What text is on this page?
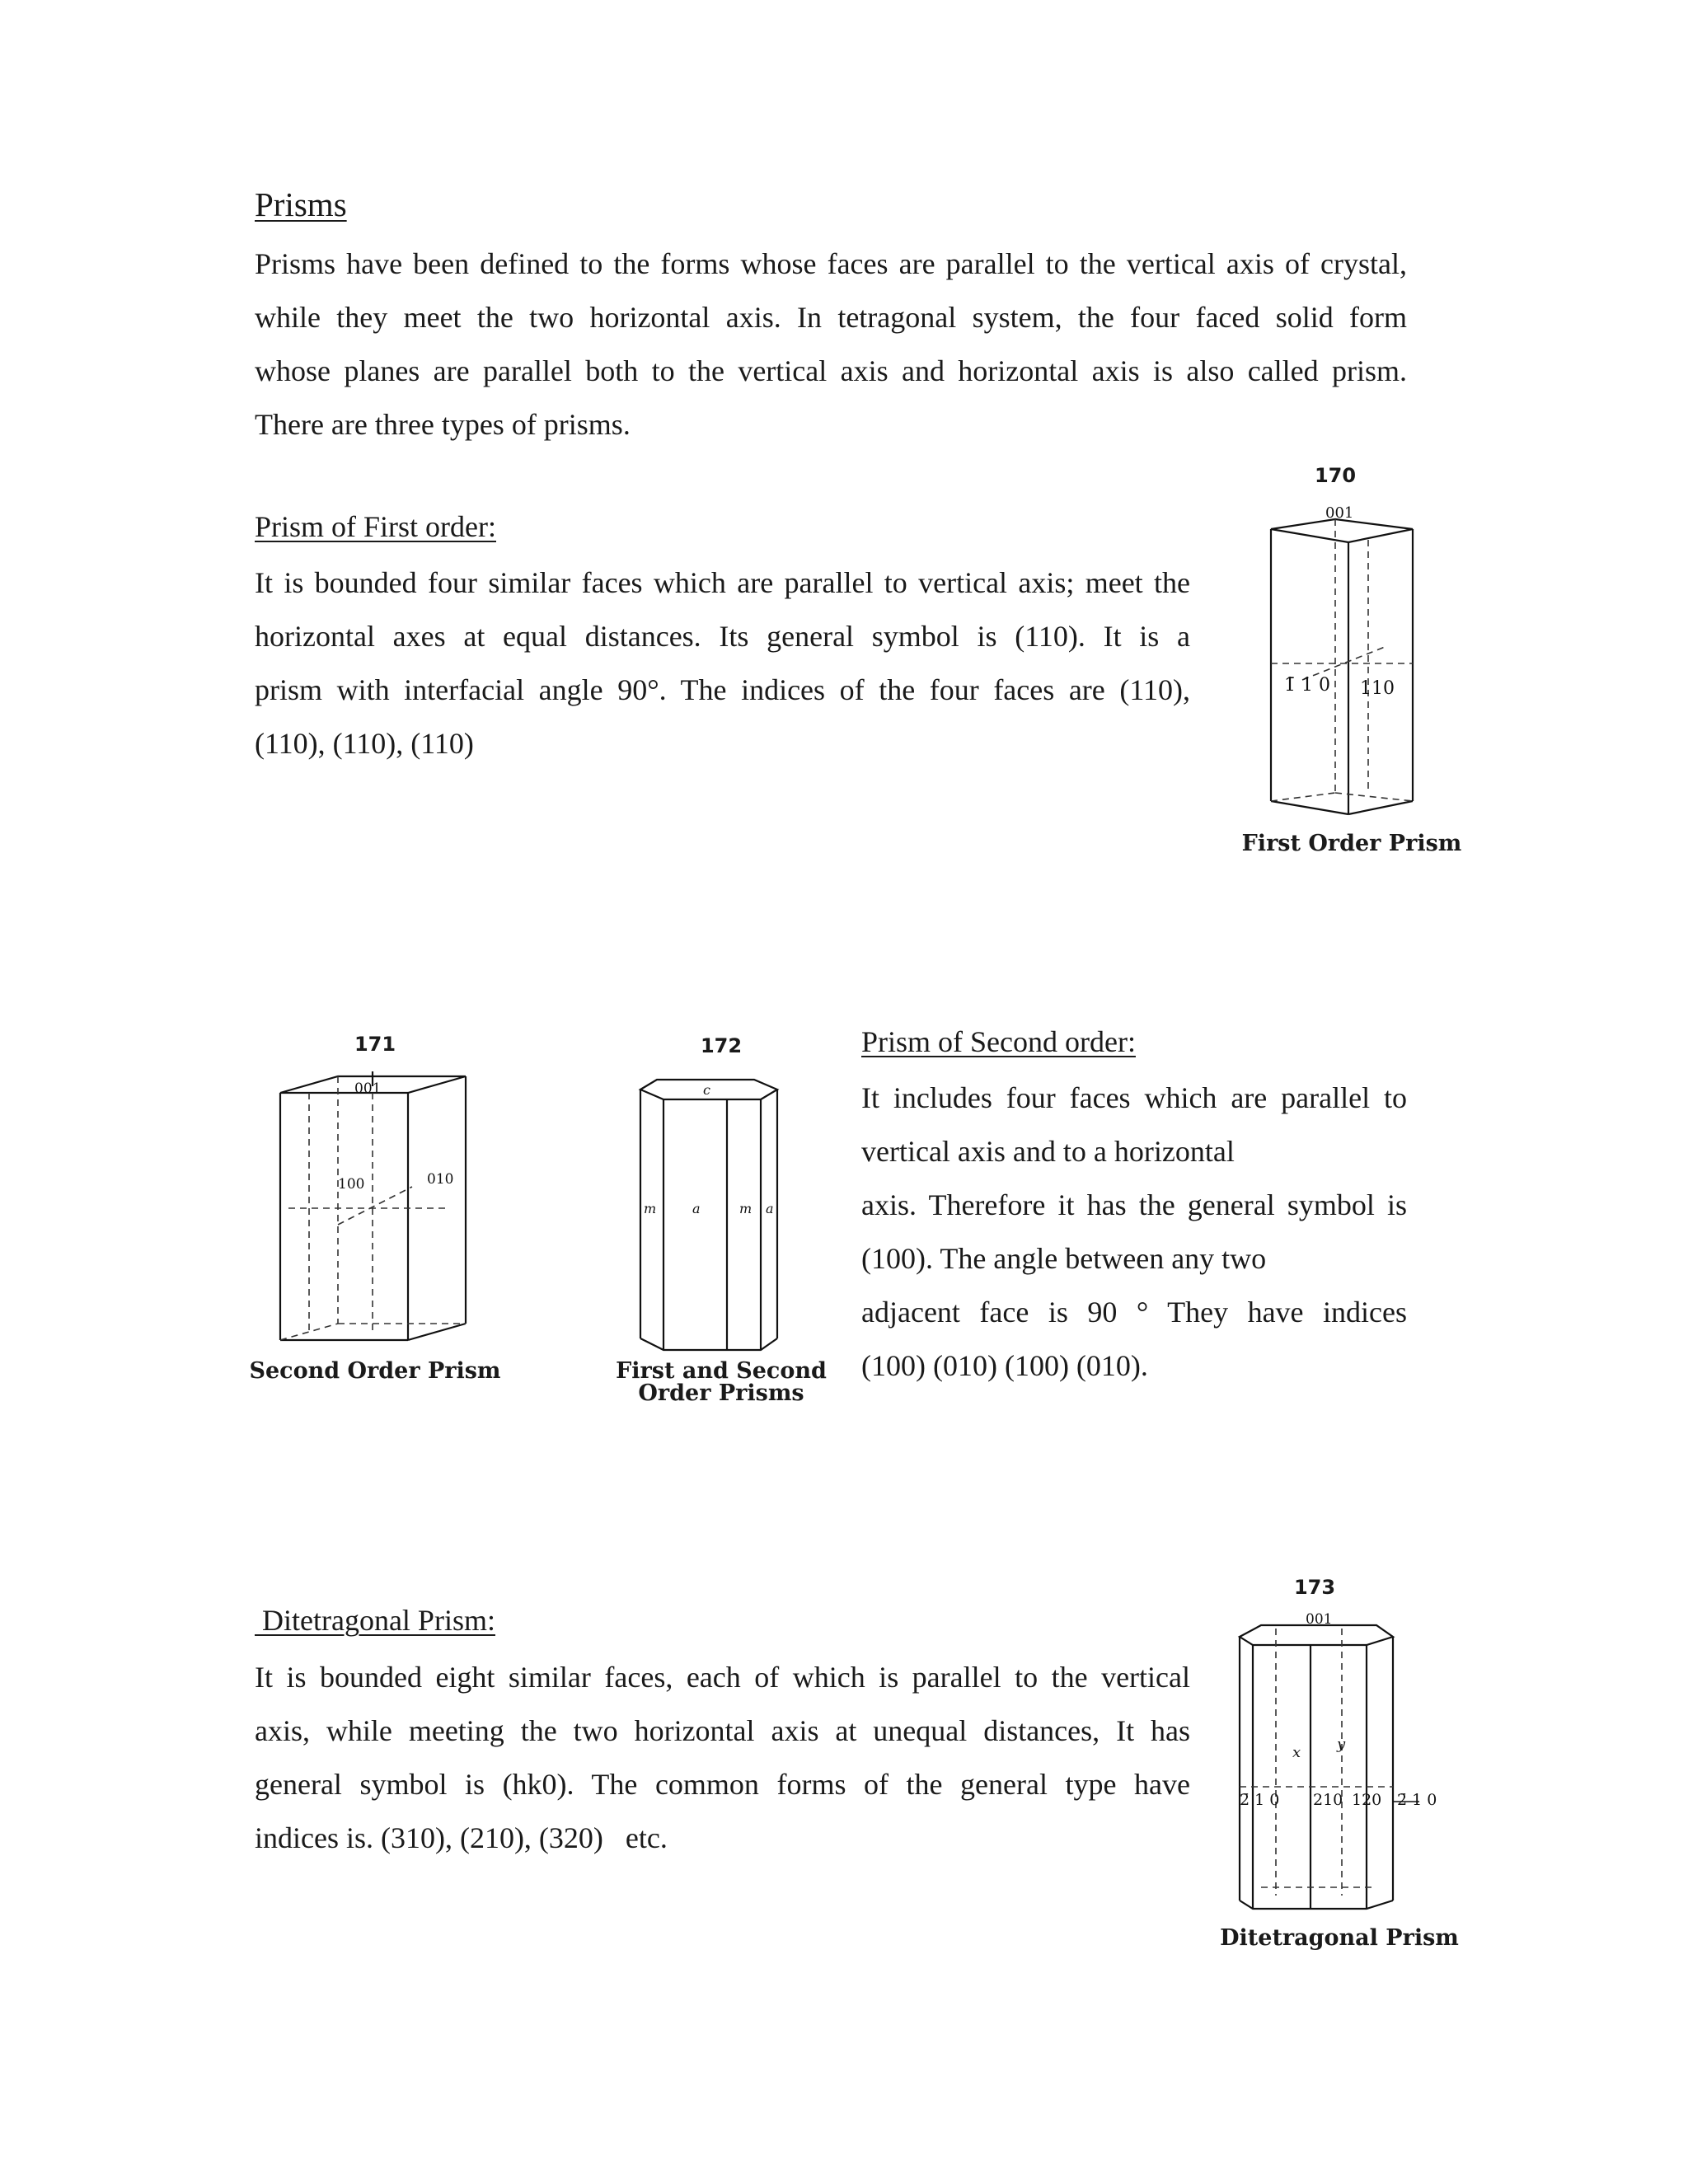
Prisms
Prisms have been defined to the forms whose faces are parallel to the vertical axis of crystal,
while they meet the two horizontal axis. In tetragonal system, the four faced solid form
whose planes are parallel both to the vertical axis and horizontal axis is also called prism.
There are three types of prisms.
Prism of First order:
It is bounded four similar faces which are parallel to vertical axis; meet the
horizontal axes at equal distances. Its general symbol is (110). It is a
prism with interfacial angle 90°. The indices of the four faces are (110),
(110), (110), (110)
170
1̄ 1 0 110
001
First Order Prism
171
001
100	010
Second Order Prism
172
c
m	a	m a
First and Second
Order Prisms
Prism of Second order:
It includes four faces which are parallel to
vertical axis and to a horizontal
axis. Therefore it has the general symbol is
(100). The angle between any two
adjacent face is 90 ° They have indices
(100) (010) (100) (010).
Ditetragonal Prism:
It is bounded eight similar faces, each of which is parallel to the vertical
axis, while meeting the two horizontal axis at unequal distances, It has
general symbol is (hk0). The common forms of the general type have
indices is. (310), (210), (320)   etc.
173
x y
2̄ 1 0 210 120 2̄ 1 0
001
Ditetragonal Prism
